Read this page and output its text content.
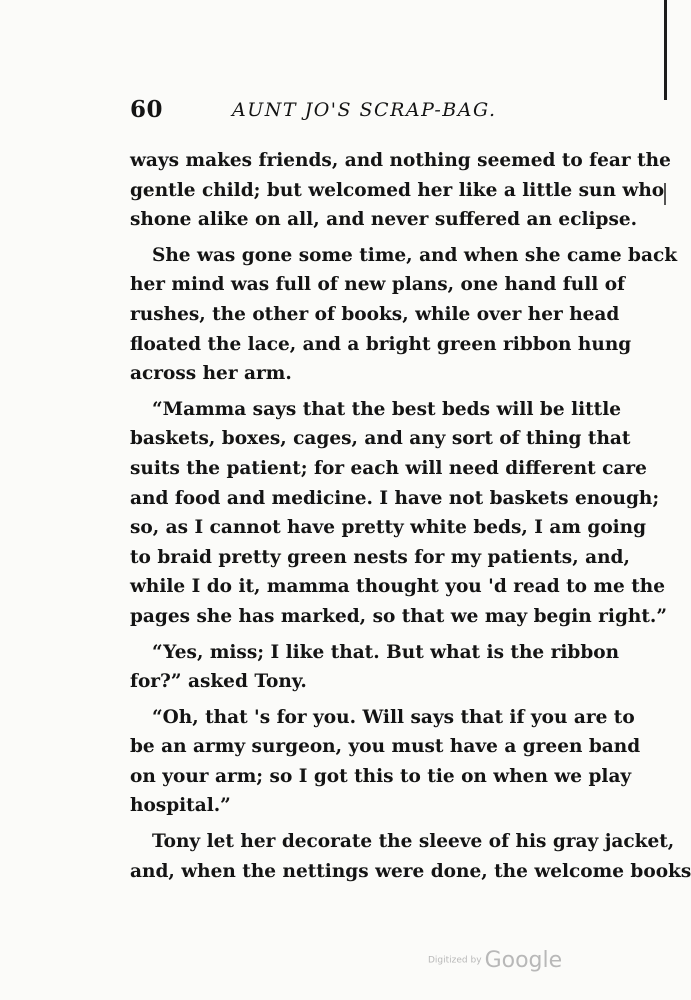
60	AUNT JO'S SCRAP-BAG.
ways makes friends, and nothing seemed to fear the
gentle child; but welcomed her like a little sun who
shone alike on all, and never suffered an eclipse.
She was gone some time, and when she came back
her mind was full of new plans, one hand full of
rushes, the other of books, while over her head
floated the lace, and a bright green ribbon hung
across her arm.
“Mamma says that the best beds will be little
baskets, boxes, cages, and any sort of thing that
suits the patient; for each will need different care
and food and medicine. I have not baskets enough;
so, as I cannot have pretty white beds, I am going
to braid pretty green nests for my patients, and,
while I do it, mamma thought you 'd read to me the
pages she has marked, so that we may begin right.”
“Yes, miss; I like that. But what is the ribbon
for?” asked Tony.
“Oh, that 's for you. Will says that if you are to
be an army surgeon, you must have a green band
on your arm; so I got this to tie on when we play
hospital.”
Tony let her decorate the sleeve of his gray jacket,
and, when the nettings were done, the welcome books
Digitized by Google
